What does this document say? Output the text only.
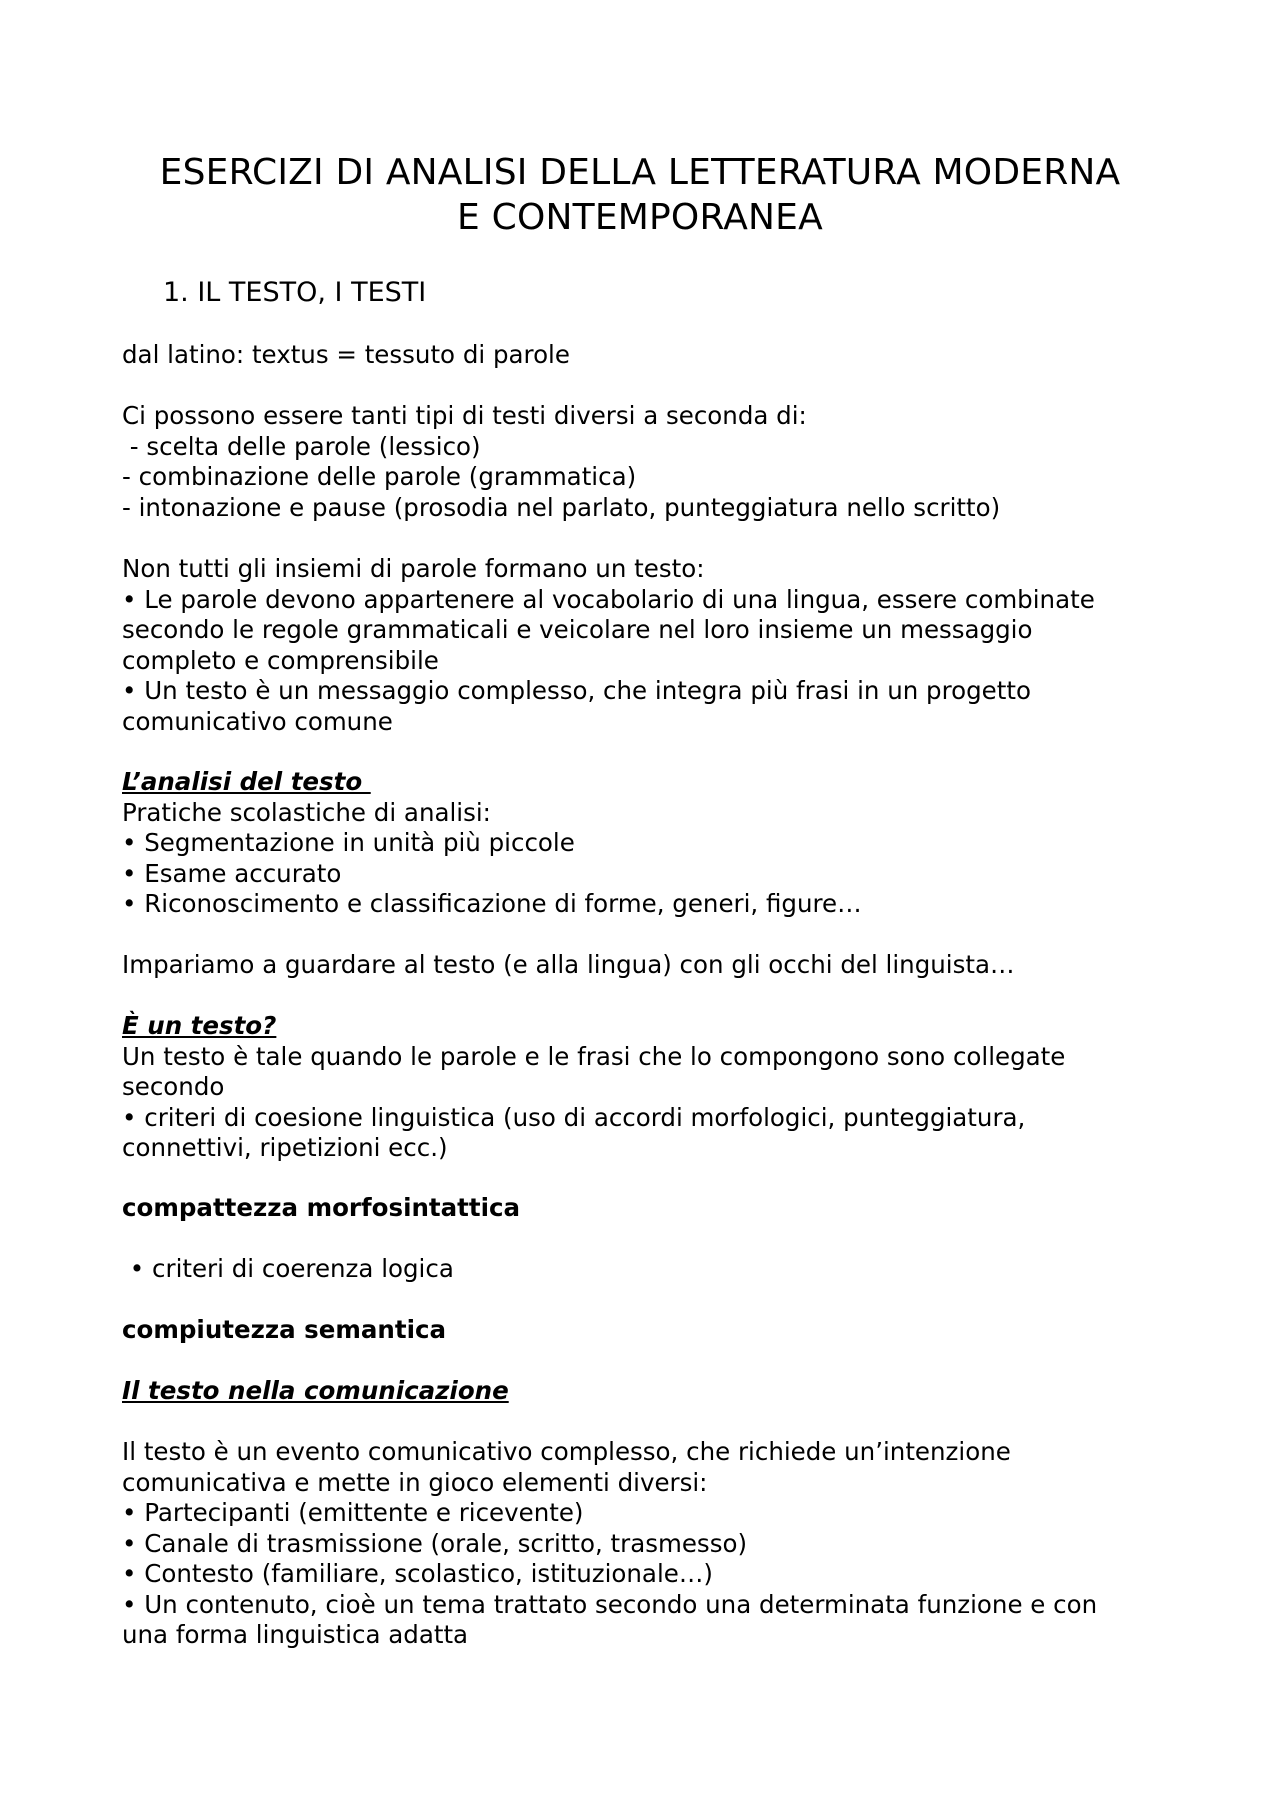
ESERCIZI DI ANALISI DELLA LETTERATURA MODERNA
E CONTEMPORANEA
1. IL TESTO, I TESTI
dal latino: textus = tessuto di parole
Ci possono essere tanti tipi di testi diversi a seconda di:
- scelta delle parole (lessico)
- combinazione delle parole (grammatica)
- intonazione e pause (prosodia nel parlato, punteggiatura nello scritto)
Non tutti gli insiemi di parole formano un testo:
• Le parole devono appartenere al vocabolario di una lingua, essere combinate
secondo le regole grammaticali e veicolare nel loro insieme un messaggio
completo e comprensibile
• Un testo è un messaggio complesso, che integra più frasi in un progetto
comunicativo comune
L’analisi del testo
Pratiche scolastiche di analisi:
• Segmentazione in unità più piccole
• Esame accurato
• Riconoscimento e classificazione di forme, generi, figure…
Impariamo a guardare al testo (e alla lingua) con gli occhi del linguista…
È un testo?
Un testo è tale quando le parole e le frasi che lo compongono sono collegate
secondo
• criteri di coesione linguistica (uso di accordi morfologici, punteggiatura,
connettivi, ripetizioni ecc.)
compattezza morfosintattica
• criteri di coerenza logica
compiutezza semantica
Il testo nella comunicazione
Il testo è un evento comunicativo complesso, che richiede un’intenzione
comunicativa e mette in gioco elementi diversi:
• Partecipanti (emittente e ricevente)
• Canale di trasmissione (orale, scritto, trasmesso)
• Contesto (familiare, scolastico, istituzionale…)
• Un contenuto, cioè un tema trattato secondo una determinata funzione e con
una forma linguistica adatta
